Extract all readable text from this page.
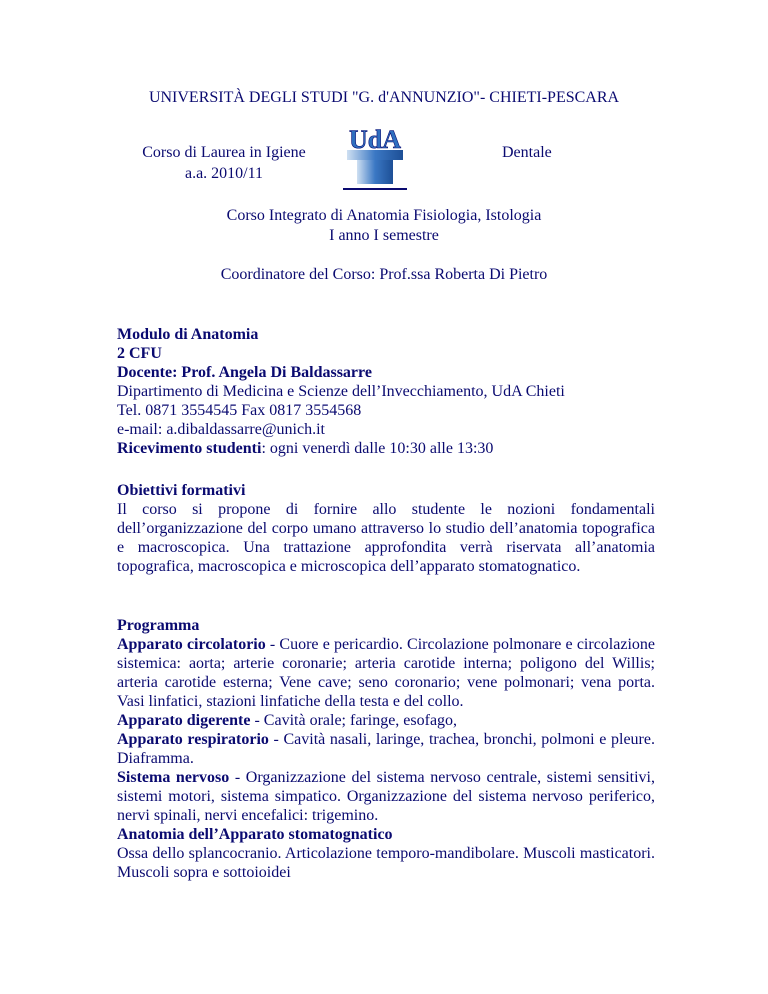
UNIVERSITÀ DEGLI STUDI "G. d'ANNUNZIO"- CHIETI-PESCARA
Corso di Laurea in Igiene
a.a. 2010/11
UdA	Dentale
Corso Integrato di Anatomia Fisiologia, Istologia
I anno I semestre
Coordinatore del Corso: Prof.ssa Roberta Di Pietro
Modulo di Anatomia
2 CFU
Docente: Prof. Angela Di Baldassarre
Dipartimento di Medicina e Scienze dell’Invecchiamento, UdA Chieti
Tel. 0871 3554545 Fax 0817 3554568
e-mail: a.dibaldassarre@unich.it
Ricevimento studenti: ogni venerdì dalle 10:30 alle 13:30
Obiettivi formativi
Il corso si propone di fornire allo studente le nozioni fondamentali dell’organizzazione del corpo umano attraverso lo studio dell’anatomia topografica e macroscopica. Una trattazione approfondita verrà riservata all’anatomia topografica, macroscopica e microscopica dell’apparato stomatognatico.
Programma
Apparato circolatorio - Cuore e pericardio. Circolazione polmonare e circolazione sistemica: aorta; arterie coronarie; arteria carotide interna; poligono del Willis; arteria carotide esterna; Vene cave; seno coronario; vene polmonari; vena porta. Vasi linfatici, stazioni linfatiche della testa e del collo.
Apparato digerente - Cavità orale; faringe, esofago,
Apparato respiratorio - Cavità nasali, laringe, trachea, bronchi, polmoni e pleure. Diaframma.
Sistema nervoso - Organizzazione del sistema nervoso centrale, sistemi sensitivi, sistemi motori, sistema simpatico. Organizzazione del sistema nervoso periferico, nervi spinali, nervi encefalici: trigemino.
Anatomia dell’Apparato stomatognatico
Ossa dello splancocranio. Articolazione temporo-mandibolare. Muscoli masticatori. Muscoli sopra e sottoioidei
